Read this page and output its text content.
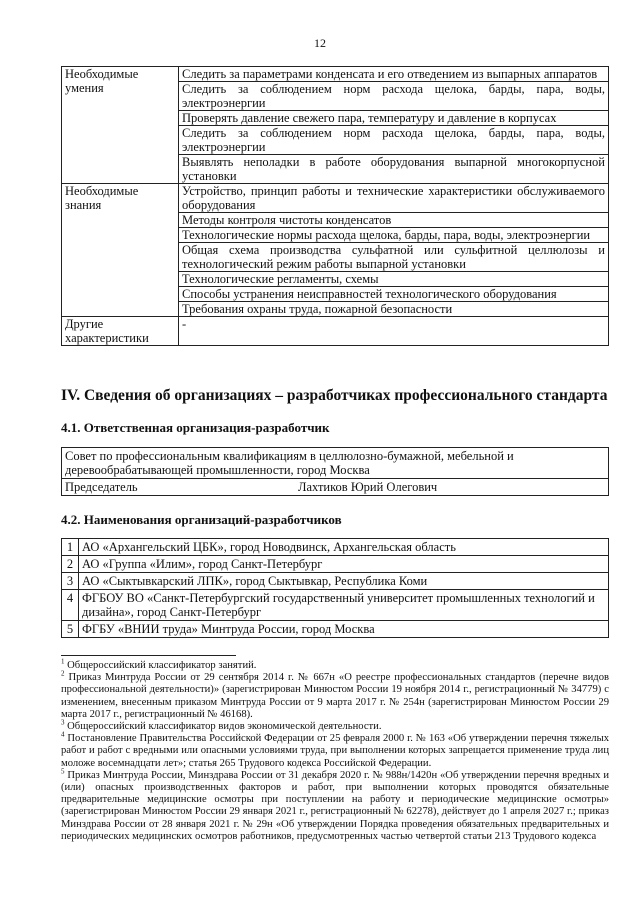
12
Необходимые умения	Следить за параметрами конденсата и его отведением из выпарных аппаратов
	Следить за соблюдением норм расхода щелока, барды, пара, воды, электроэнергии
	Проверять давление свежего пара, температуру и давление в корпусах
	Следить за соблюдением норм расхода щелока, барды, пара, воды, электроэнергии
	Выявлять неполадки в работе оборудования выпарной многокорпусной установки
Необходимые знания	Устройство, принцип работы и технические характеристики обслуживаемого оборудования
	Методы контроля чистоты конденсатов
	Технологические нормы расхода щелока, барды, пара, воды, электроэнергии
	Общая схема производства сульфатной или сульфитной целлюлозы и технологический режим работы выпарной установки
	Технологические регламенты, схемы
	Способы устранения неисправностей технологического оборудования
	Требования охраны труда, пожарной безопасности
Другие характеристики	-
IV. Сведения об организациях – разработчиках профессионального стандарта
4.1. Ответственная организация-разработчик
Совет по профессиональным квалификациям в целлюлозно-бумажной, мебельной и деревообрабатывающей промышленности, город Москва
Председатель	Лахтиков Юрий Олегович
4.2. Наименования организаций-разработчиков
1	АО «Архангельский ЦБК», город Новодвинск, Архангельская область
2	АО «Группа «Илим», город Санкт-Петербург
3	АО «Сыктывкарский ЛПК», город Сыктывкар, Республика Коми
4	ФГБОУ ВО «Санкт-Петербургский государственный университет промышленных технологий и дизайна», город Санкт-Петербург
5	ФГБУ «ВНИИ труда» Минтруда России, город Москва

$^1$ Общероссийский классификатор занятий.

$^2$ Приказ Минтруда России от 29 сентября 2014 г. № 667н «О реестре профессиональных стандартов (перечне видов профессиональной деятельности)» (зарегистрирован Минюстом России 19 ноября 2014 г., регистрационный № 34779) с изменением, внесенным приказом Минтруда России от 9 марта 2017 г. № 254н (зарегистрирован Минюстом России 29 марта 2017 г., регистрационный № 46168).

$^3$ Общероссийский классификатор видов экономической деятельности.

$^4$ Постановление Правительства Российской Федерации от 25 февраля 2000 г. № 163 «Об утверждении перечня тяжелых работ и работ с вредными или опасными условиями труда, при выполнении которых запрещается применение труда лиц моложе восемнадцати лет»; статья 265 Трудового кодекса Российской Федерации.

$^5$ Приказ Минтруда России, Минздрава России от 31 декабря 2020 г. № 988н/1420н «Об утверждении перечня вредных и (или) опасных производственных факторов и работ, при выполнении которых проводятся обязательные предварительные медицинские осмотры при поступлении на работу и периодические медицинские осмотры» (зарегистрирован Минюстом России 29 января 2021 г., регистрационный № 62278), действует до 1 апреля 2027 г.; приказ Минздрава России от 28 января 2021 г. № 29н «Об утверждении Порядка проведения обязательных предварительных и периодических медицинских осмотров работников, предусмотренных частью четвертой статьи 213 Трудового кодекса
